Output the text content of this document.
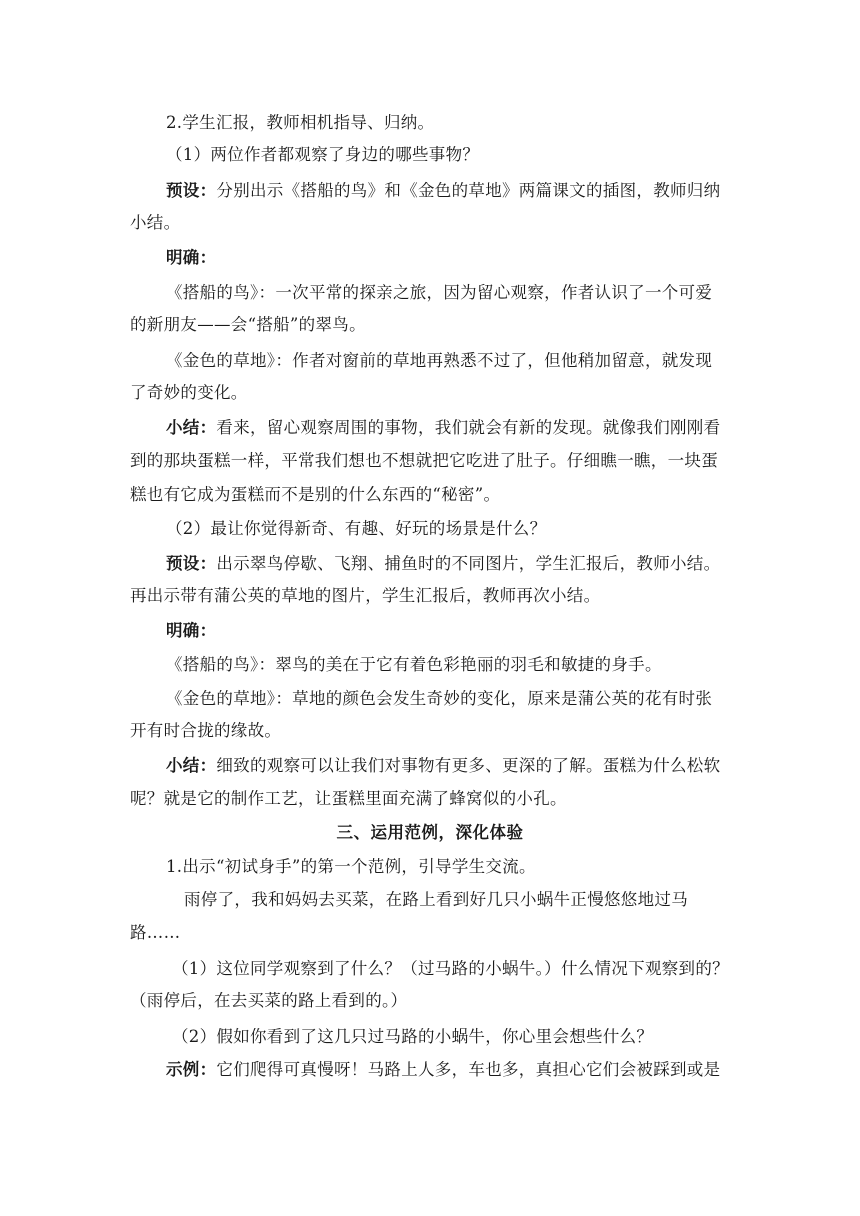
2.学生汇报，教师相机指导、归纳。
（1）两位作者都观察了身边的哪些事物？
预设：分别出示《搭船的鸟》和《金色的草地》两篇课文的插图，教师归纳
小结。
明确：
《搭船的鸟》：一次平常的探亲之旅，因为留心观察，作者认识了一个可爱
的新朋友——会“搭船”的翠鸟。
《金色的草地》：作者对窗前的草地再熟悉不过了，但他稍加留意，就发现
了奇妙的变化。
小结：看来，留心观察周围的事物，我们就会有新的发现。就像我们刚刚看
到的那块蛋糕一样，平常我们想也不想就把它吃进了肚子。仔细瞧一瞧，一块蛋
糕也有它成为蛋糕而不是别的什么东西的“秘密”。
（2）最让你觉得新奇、有趣、好玩的场景是什么？
预设：出示翠鸟停歇、飞翔、捕鱼时的不同图片，学生汇报后，教师小结。
再出示带有蒲公英的草地的图片，学生汇报后，教师再次小结。
明确：
《搭船的鸟》：翠鸟的美在于它有着色彩艳丽的羽毛和敏捷的身手。
《金色的草地》：草地的颜色会发生奇妙的变化，原来是蒲公英的花有时张
开有时合拢的缘故。
小结：细致的观察可以让我们对事物有更多、更深的了解。蛋糕为什么松软
呢？就是它的制作工艺，让蛋糕里面充满了蜂窝似的小孔。
三、运用范例，深化体验
1.出示“初试身手”的第一个范例，引导学生交流。
雨停了，我和妈妈去买菜，在路上看到好几只小蜗牛正慢悠悠地过马
路……
（1）这位同学观察到了什么？（过马路的小蜗牛。）什么情况下观察到的？
（雨停后，在去买菜的路上看到的。）
（2）假如你看到了这几只过马路的小蜗牛，你心里会想些什么？
示例：它们爬得可真慢呀！马路上人多，车也多，真担心它们会被踩到或是
